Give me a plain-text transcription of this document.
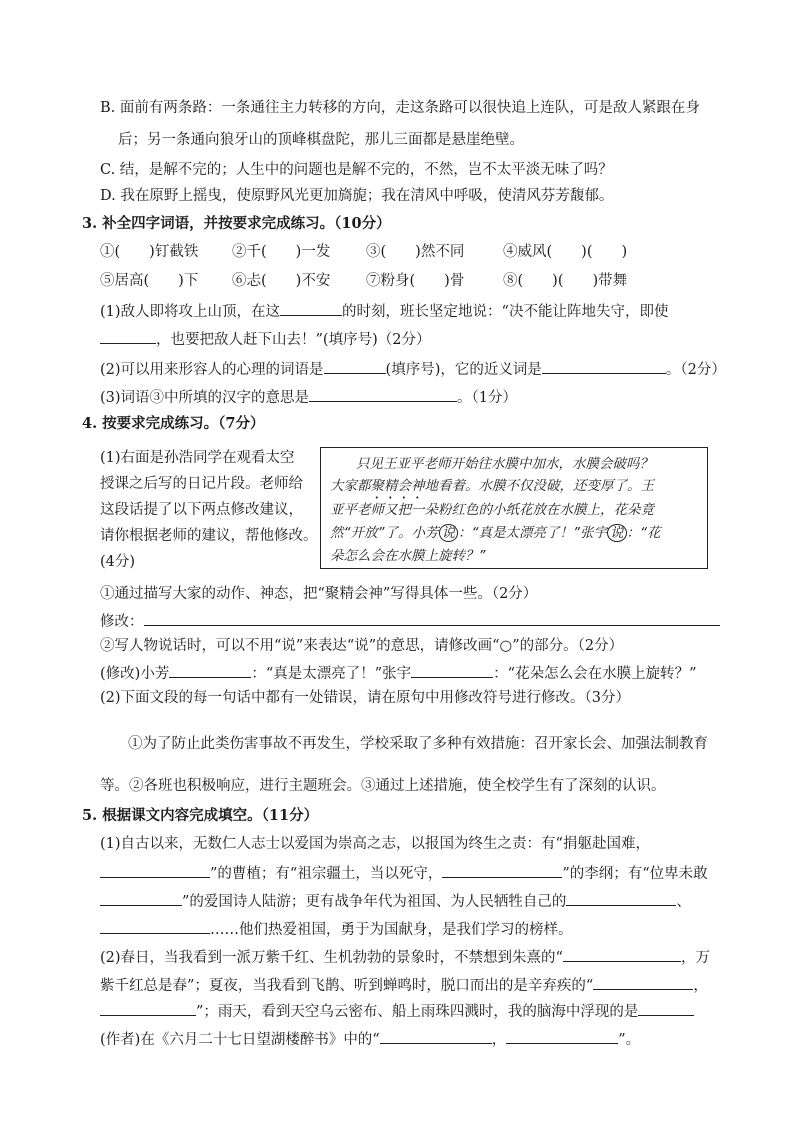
B. 面前有两条路：一条通往主力转移的方向，走这条路可以很快追上连队，可是敌人紧跟在身
后；另一条通向狼牙山的顶峰棋盘陀，那儿三面都是悬崖绝壁。
C. 结，是解不完的；人生中的问题也是解不完的，不然，岂不太平淡无味了吗？
D. 我在原野上摇曳，使原野风光更加旖旎；我在清风中呼吸，使清风芬芳馥郁。
3. 补全四字词语，并按要求完成练习。（10分）
①(　　)钉截铁 ②千(　　)一发 ③(　　)然不同	④威风(　　)(　　)
⑤居高(　　)下 ⑥忐(　　)不安 ⑦粉身(　　)骨	⑧(　　)(　　)带舞
(1)敌人即将攻上山顶，在这	的时刻，班长坚定地说：“决不能让阵地失守，即使
，也要把敌人赶下山去！”(填序号)（2分）
(2)可以用来形容人的心理的词语是	(填序号)，它的近义词是	。（2分）
(3)词语③中所填的汉字的意思是	。（1分）
4. 按要求完成练习。（7分）
(1)右面是孙浩同学在观看太空
授课之后写的日记片段。老师给
这段话提了以下两点修改建议，
请你根据老师的建议，帮他修改。
(4分)
只见王亚平老师开始往水膜中加水，水膜会破吗？
大家都聚精会神地看着。水膜不仅没破，还变厚了。王
亚平老师又把一朵粉红色的小纸花放在水膜上，花朵竟
然“开放”了。小芳 说 ：“真是太漂亮了！”张宇 说 ：“花
朵怎么会在水膜上旋转？”
①通过描写大家的动作、神态，把“聚精会神”写得具体一些。（2分）
修改：
②写人物说话时，可以不用“说”来表达“说”的意思，请修改画“○”的部分。（2分）
(修改)小芳	：“真是太漂亮了！”张宇	：“花朵怎么会在水膜上旋转？”
(2)下面文段的每一句话中都有一处错误，请在原句中用修改符号进行修改。（3分）
①为了防止此类伤害事故不再发生，学校采取了多种有效措施：召开家长会、加强法制教育
等。②各班也积极响应，进行主题班会。③通过上述措施，使全校学生有了深刻的认识。
5. 根据课文内容完成填空。（11分）
(1)自古以来，无数仁人志士以爱国为崇高之志，以报国为终生之责：有“捐躯赴国难，
”的曹植；有“祖宗疆土，当以死守，	”的李纲；有“位卑未敢
”的爱国诗人陆游；更有战争年代为祖国、为人民牺牲自己的	、
……他们热爱祖国，勇于为国献身，是我们学习的榜样。
(2)春日，当我看到一派万紫千红、生机勃勃的景象时，不禁想到朱熹的“	，万
紫千红总是春”；夏夜，当我看到飞鹊、听到蝉鸣时，脱口而出的是辛弃疾的“	，
”；雨天，看到天空乌云密布、船上雨珠四溅时，我的脑海中浮现的是
(作者)在《六月二十七日望湖楼醉书》中的“	，	”。
